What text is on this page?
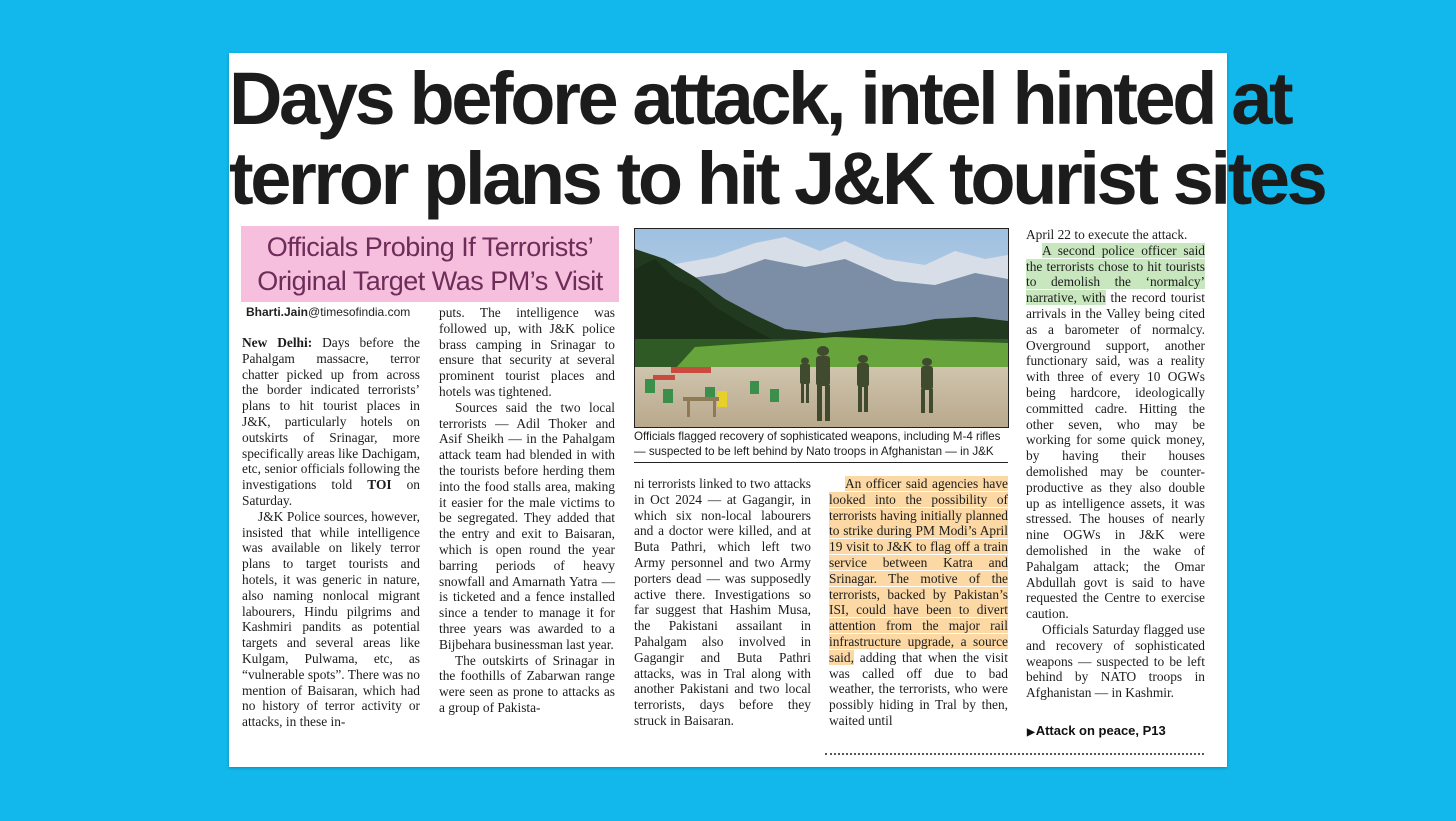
Days before attack, intel hinted at
terror plans to hit J&K tourist sites
Officials Probing If Terrorists’
Original Target Was PM’s Visit
Bharti.Jain@timesofindia.com

New Delhi: Days before the Pahalgam massacre, terror chatter picked up from across the border indicated terrorists’ plans to hit tourist places in J&K, particularly hotels on outskirts of Srinagar, more specifically areas like Dachigam, etc, senior officials following the investigations told TOI on Saturday.

J&K Police sources, however, insisted that while intelligence was available on likely terror plans to target tourists and hotels, it was generic in nature, also naming nonlocal migrant labourers, Hindu pilgrims and Kashmiri pandits as potential targets and several areas like Kulgam, Pulwama, etc, as “vulnerable spots”. There was no mention of Baisaran, which had no history of terror activity or attacks, in these in-

puts. The intelligence was followed up, with J&K police brass camping in Srinagar to ensure that security at several prominent tourist places and hotels was tightened.

Sources said the two local terrorists — Adil Thoker and Asif Sheikh — in the Pahalgam attack team had blended in with the tourists before herding them into the food stalls area, making it easier for the male victims to be segregated. They added that the entry and exit to Baisaran, which is open round the year barring periods of heavy snowfall and Amarnath Yatra — is ticketed and a fence installed since a tender to manage it for three years was awarded to a Bijbehara businessman last year.

The outskirts of Srinagar in the foothills of Zabarwan range were seen as prone to attacks as a group of Pakista-

Officials flagged recovery of sophisticated weapons, including M-4 rifles
— suspected to be left behind by Nato troops in Afghanistan — in J&K

ni terrorists linked to two attacks in Oct 2024 — at Gagangir, in which six non-local labourers and a doctor were killed, and at Buta Pathri, which left two Army personnel and two Army porters dead — was supposedly active there. Investigations so far suggest that Hashim Musa, the Pakistani assailant in Pahalgam also involved in Gagangir and Buta Pathri attacks, was in Tral along with another Pakistani and two local terrorists, days before they struck in Baisaran.

An officer said agencies have looked into the possibility of terrorists having initially planned to strike during PM Modi’s April 19 visit to J&K to flag off a train service between Katra and Srinagar. The motive of the terrorists, backed by Pakistan’s ISI, could have been to divert attention from the major rail infrastructure upgrade, a source said, adding that when the visit was called off due to bad weather, the terrorists, who were possibly hiding in Tral by then, waited until

April 22 to execute the attack.

A second police officer said the terrorists chose to hit tourists to demolish the ‘normalcy’ narrative, with the record tourist arrivals in the Valley being cited as a barometer of normalcy. Overground support, another functionary said, was a reality with three of every 10 OGWs being hardcore, ideologically committed cadre. Hitting the other seven, who may be working for some quick money, by having their houses demolished may be counter-productive as they also double up as intelligence assets, it was stressed. The houses of nearly nine OGWs in J&K were demolished in the wake of Pahalgam attack; the Omar Abdullah govt is said to have requested the Centre to exercise caution.

Officials Saturday flagged use and recovery of sophisticated weapons — suspected to be left behind by NATO troops in Afghanistan — in Kashmir.

▶Attack on peace, P13
